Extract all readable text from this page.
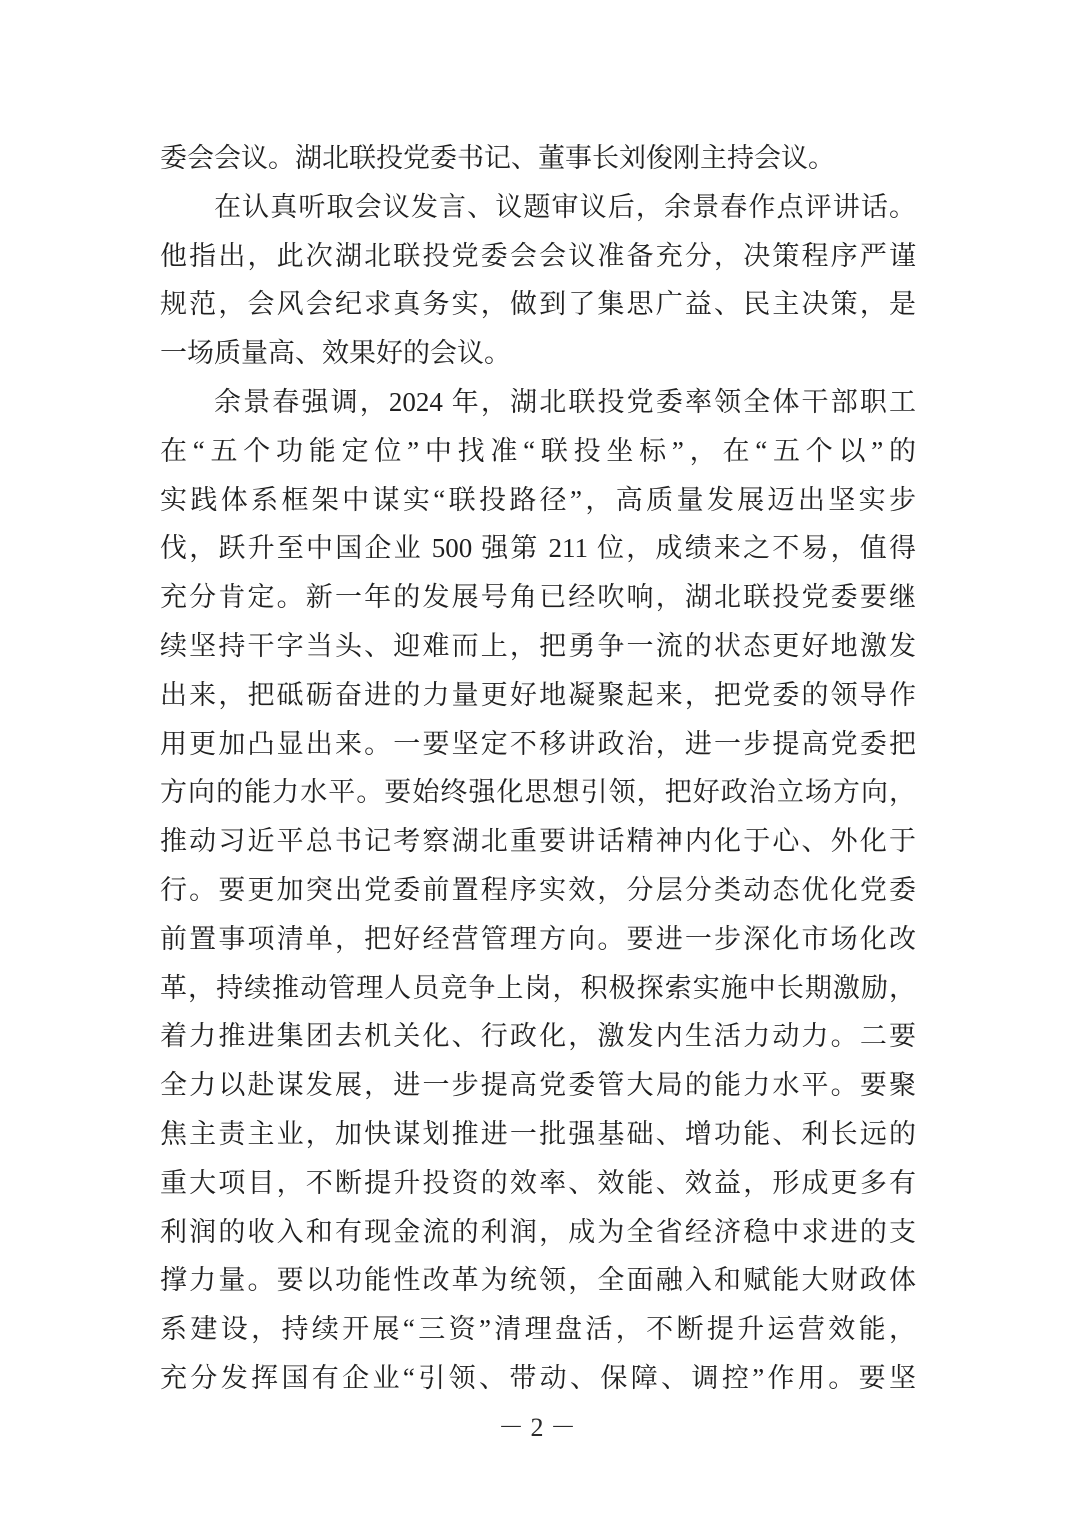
委会会议。湖北联投党委书记、董事长刘俊刚主持会议。
在认真听取会议发言、议题审议后，余景春作点评讲话。
他指出，此次湖北联投党委会会议准备充分，决策程序严谨
规范，会风会纪求真务实，做到了集思广益、民主决策，是
一场质量高、效果好的会议。
余景春强调，2024 年，湖北联投党委率领全体干部职工
在“五个功能定位”中找准“联投坐标”，在“五个以”的
实践体系框架中谋实“联投路径”，高质量发展迈出坚实步
伐，跃升至中国企业 500 强第 211 位，成绩来之不易，值得
充分肯定。新一年的发展号角已经吹响，湖北联投党委要继
续坚持干字当头、迎难而上，把勇争一流的状态更好地激发
出来，把砥砺奋进的力量更好地凝聚起来，把党委的领导作
用更加凸显出来。一要坚定不移讲政治，进一步提高党委把
方向的能力水平。要始终强化思想引领，把好政治立场方向，
推动习近平总书记考察湖北重要讲话精神内化于心、外化于
行。要更加突出党委前置程序实效，分层分类动态优化党委
前置事项清单，把好经营管理方向。要进一步深化市场化改
革，持续推动管理人员竞争上岗，积极探索实施中长期激励，
着力推进集团去机关化、行政化，激发内生活力动力。二要
全力以赴谋发展，进一步提高党委管大局的能力水平。要聚
焦主责主业，加快谋划推进一批强基础、增功能、利长远的
重大项目，不断提升投资的效率、效能、效益，形成更多有
利润的收入和有现金流的利润，成为全省经济稳中求进的支
撑力量。要以功能性改革为统领，全面融入和赋能大财政体
系建设，持续开展“三资”清理盘活，不断提升运营效能，
充分发挥国有企业“引领、带动、保障、调控”作用。要坚
－ 2 －
